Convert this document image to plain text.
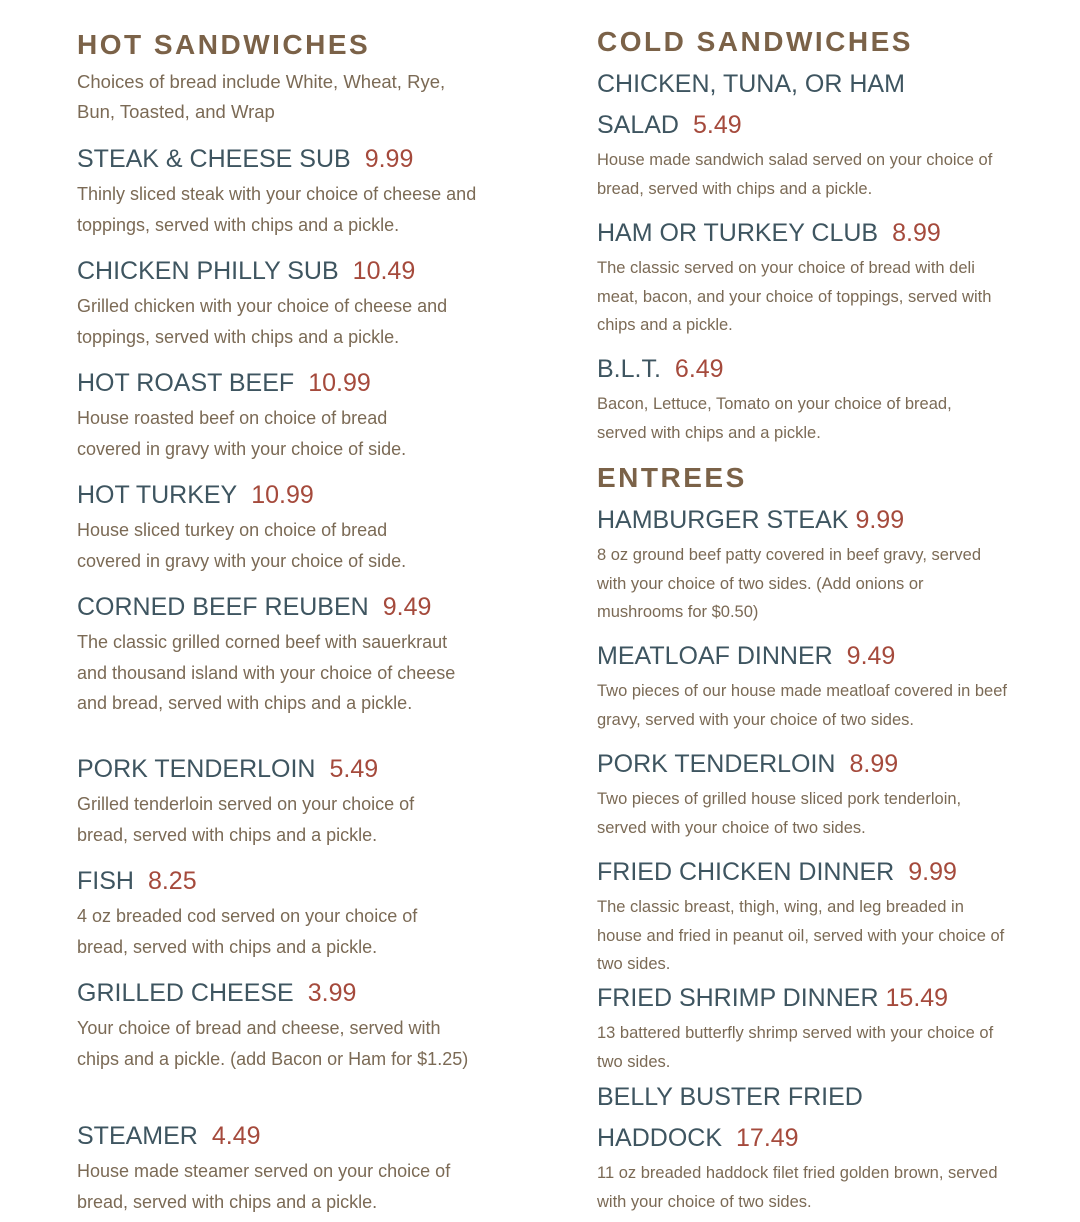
HOT SANDWICHES
Choices of bread include White, Wheat, Rye, Bun, Toasted, and Wrap
STEAK & CHEESE SUB 9.99
Thinly sliced steak with your choice of cheese and toppings, served with chips and a pickle.
CHICKEN PHILLY SUB 10.49
Grilled chicken with your choice of cheese and toppings, served with chips and a pickle.
HOT ROAST BEEF 10.99
House roasted beef on choice of bread covered in gravy with your choice of side.
HOT TURKEY 10.99
House sliced turkey on choice of bread covered in gravy with your choice of side.
CORNED BEEF REUBEN 9.49
The classic grilled corned beef with sauerkraut and thousand island with your choice of cheese and bread, served with chips and a pickle.
PORK TENDERLOIN 5.49
Grilled tenderloin served on your choice of bread, served with chips and a pickle.
FISH 8.25
4 oz breaded cod served on your choice of bread, served with chips and a pickle.
GRILLED CHEESE 3.99
Your choice of bread and cheese, served with chips and a pickle. (add Bacon or Ham for $1.25)
STEAMER 4.49
House made steamer served on your choice of bread, served with chips and a pickle.
COLD SANDWICHES
CHICKEN, TUNA, OR HAM
SALAD 5.49
House made sandwich salad served on your choice of bread, served with chips and a pickle.
HAM OR TURKEY CLUB 8.99
The classic served on your choice of bread with deli meat, bacon, and your choice of toppings, served with chips and a pickle.
B.L.T. 6.49
Bacon, Lettuce, Tomato on your choice of bread, served with chips and a pickle.
ENTREES
HAMBURGER STEAK 9.99
8 oz ground beef patty covered in beef gravy, served with your choice of two sides. (Add onions or mushrooms for $0.50)
MEATLOAF DINNER 9.49
Two pieces of our house made meatloaf covered in beef gravy, served with your choice of two sides.
PORK TENDERLOIN 8.99
Two pieces of grilled house sliced pork tenderloin, served with your choice of two sides.
FRIED CHICKEN DINNER 9.99
The classic breast, thigh, wing, and leg breaded in house and fried in peanut oil, served with your choice of two sides.
FRIED SHRIMP DINNER 15.49
13 battered butterfly shrimp served with your choice of two sides.
BELLY BUSTER FRIED
HADDOCK 17.49
11 oz breaded haddock filet fried golden brown, served with your choice of two sides.
